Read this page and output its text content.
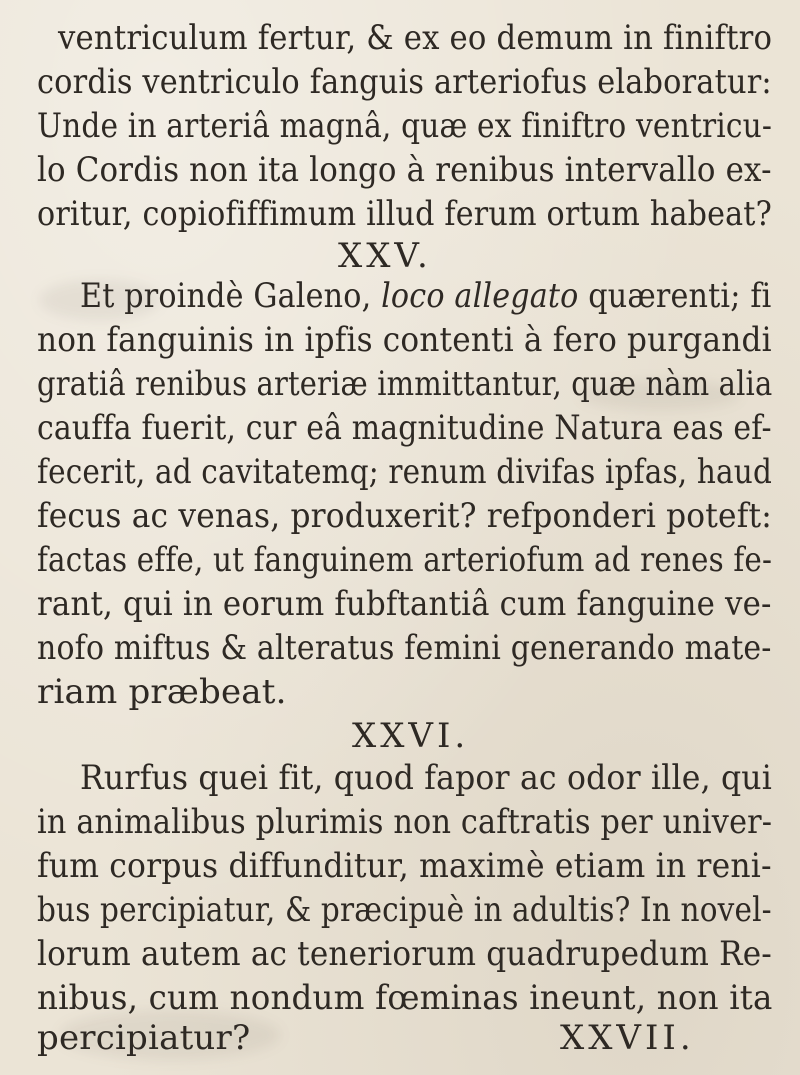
ventriculum fertur, & ex eo demum in finiftro
cordis ventriculo fanguis arteriofus elaboratur:
Unde in arteriâ magnâ, quæ ex finiftro ventricu-
lo Cordis non ita longo à renibus intervallo ex-
oritur, copiofiffimum illud ferum ortum habeat?
XXV.
Et proindè Galeno, loco allegato quærenti; fi
non fanguinis in ipfis contenti à fero purgandi
gratiâ renibus arteriæ immittantur, quæ nàm alia
cauffa fuerit, cur eâ magnitudine Natura eas ef-
fecerit, ad cavitatemq; renum divifas ipfas, haud
fecus ac venas, produxerit? refponderi poteft:
factas effe, ut fanguinem arteriofum ad renes fe-
rant, qui in eorum fubftantiâ cum fanguine ve-
nofo miftus & alteratus femini generando mate-
riam præbeat.
XXVI.
Rurfus quei fit, quod fapor ac odor ille, qui
in animalibus plurimis non caftratis per univer-
fum corpus diffunditur, maximè etiam in reni-
bus percipiatur, & præcipuè in adultis? In novel-
lorum autem ac teneriorum quadrupedum Re-
nibus, cum nondum fœminas ineunt, non ita
percipiatur?	XXVII.
